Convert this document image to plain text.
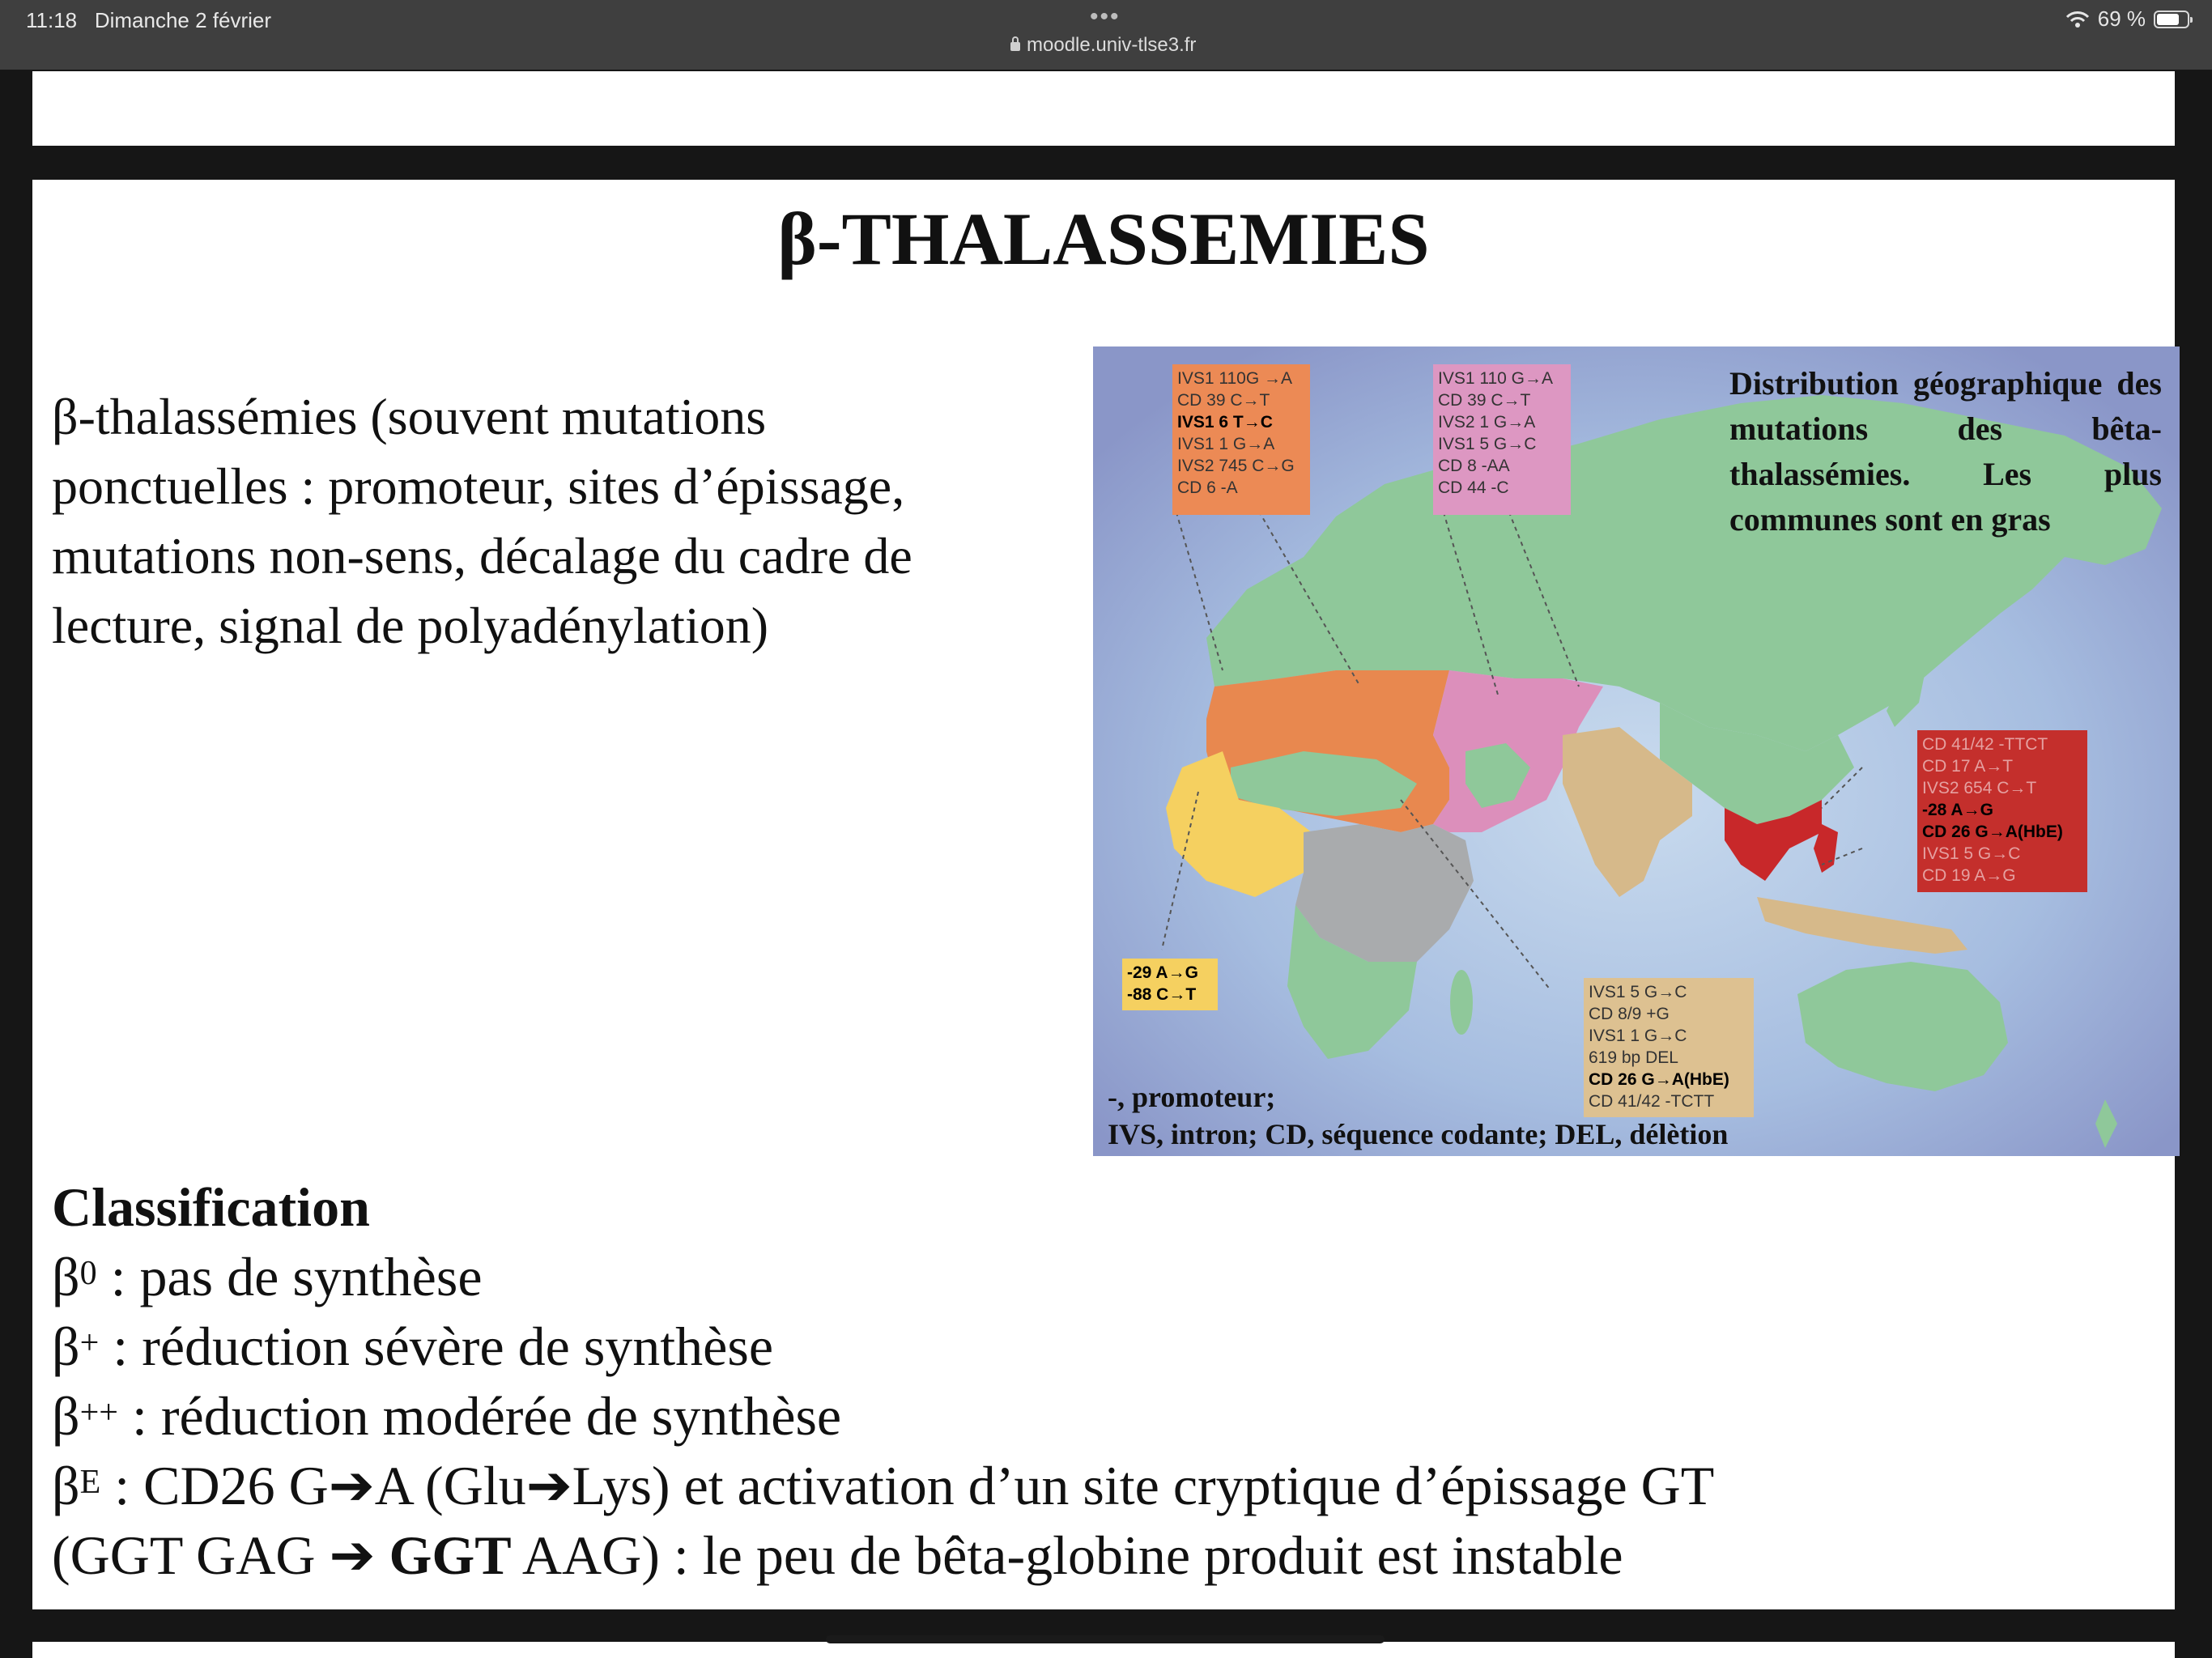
11:18 Dimanche 2 février	•••
moodle.univ-tlse3.fr
69 %
β-THALASSEMIES
β-thalassémies (souvent mutations
ponctuelles : promoteur, sites d’épissage,
mutations non-sens, décalage du cadre de
lecture, signal de polyadénylation)
IVS1 110G →A
CD 39 C→T
IVS1 6 T→C
IVS1 1 G→A
IVS2 745 C→G
CD 6 -A
IVS1 110 G→A
CD 39 C→T
IVS2 1 G→A
IVS1 5 G→C
CD 8 -AA
CD 44 -C
CD 41/42 -TTCT
CD 17 A→T
IVS2 654 C→T
-28 A→G
CD 26 G→A(HbE)
IVS1 5 G→C
CD 19 A→G
-29 A→G
-88 C→T	IVS1 5 G→C
CD 8/9 +G
IVS1 1 G→C
619 bp DEL
CD 26 G→A(HbE)
CD 41/42 -TCTT
Distribution géographique des mutations des bêta-thalassémies. Les plus communes sont en gras
-, promoteur;
IVS, intron; CD, séquence codante; DEL, délètion
Classification
$\beta^0$ : pas de synthèse
β+ : réduction sévère de synthèse
β++ : réduction modérée de synthèse
$\beta^E$ : CD26 G➔A (Glu➔Lys) et activation d’un site cryptique d’épissage GT
(GGT GAG ➔ GGT AAG) : le peu de bêta-globine produit est instable
